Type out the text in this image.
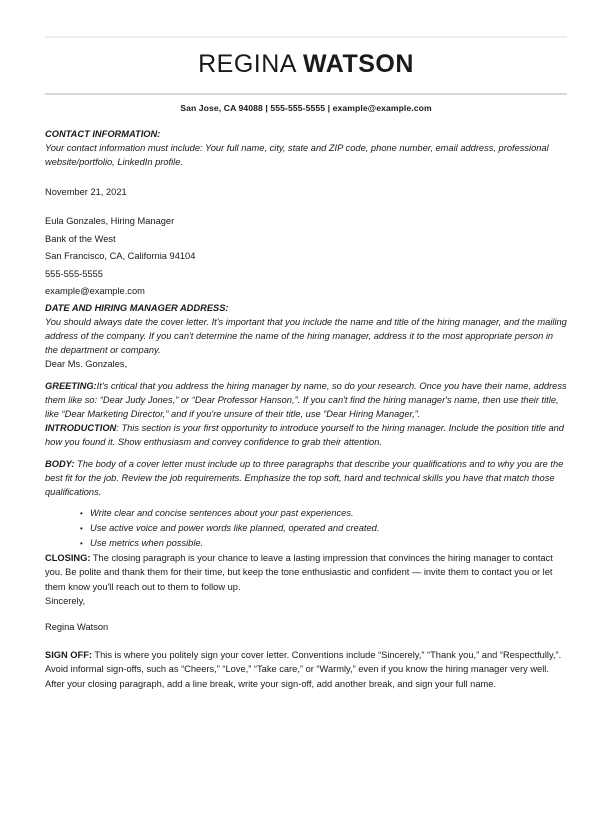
REGINA WATSON
San Jose, CA 94088 | 555-555-5555 | example@example.com

CONTACT INFORMATION:

Your contact information must include: Your full name, city, state and ZIP code, phone number, email address, professional website/portfolio, LinkedIn profile.

November 21, 2021

Eula Gonzales, Hiring Manager

Bank of the West

San Francisco, CA, California 94104

555-555-5555

example@example.com

DATE AND HIRING MANAGER ADDRESS:

You should always date the cover letter. It's important that you include the name and title of the hiring manager, and the mailing address of the company. If you can't determine the name of the hiring manager, address it to the most appropriate person in the department or company.

Dear Ms. Gonzales,

GREETING:It's critical that you address the hiring manager by name, so do your research. Once you have their name, address them like so: “Dear Judy Jones,” or “Dear Professor Hanson,”. If you can't find the hiring manager's name, then use their title, like “Dear Marketing Director,” and if you're unsure of their title, use “Dear Hiring Manager,”.

INTRODUCTION: This section is your first opportunity to introduce yourself to the hiring manager. Include the position title and how you found it. Show enthusiasm and convey confidence to grab their attention.

BODY: The body of a cover letter must include up to three paragraphs that describe your qualifications and to why you are the best fit for the job. Review the job requirements. Emphasize the top soft, hard and technical skills you have that match those qualifications.

• Write clear and concise sentences about your past experiences.
• Use active voice and power words like planned, operated and created.
• Use metrics when possible.

CLOSING: The closing paragraph is your chance to leave a lasting impression that convinces the hiring manager to contact you. Be polite and thank them for their time, but keep the tone enthusiastic and confident — invite them to contact you or let them know you'll reach out to them to follow up.

Sincerely,

Regina Watson

SIGN OFF: This is where you politely sign your cover letter. Conventions include “Sincerely,” “Thank you,” and “Respectfully,”. Avoid informal sign-offs, such as “Cheers,” “Love,” “Take care,” or “Warmly,” even if you know the hiring manager very well. After your closing paragraph, add a line break, write your sign-off, add another break, and sign your full name.
